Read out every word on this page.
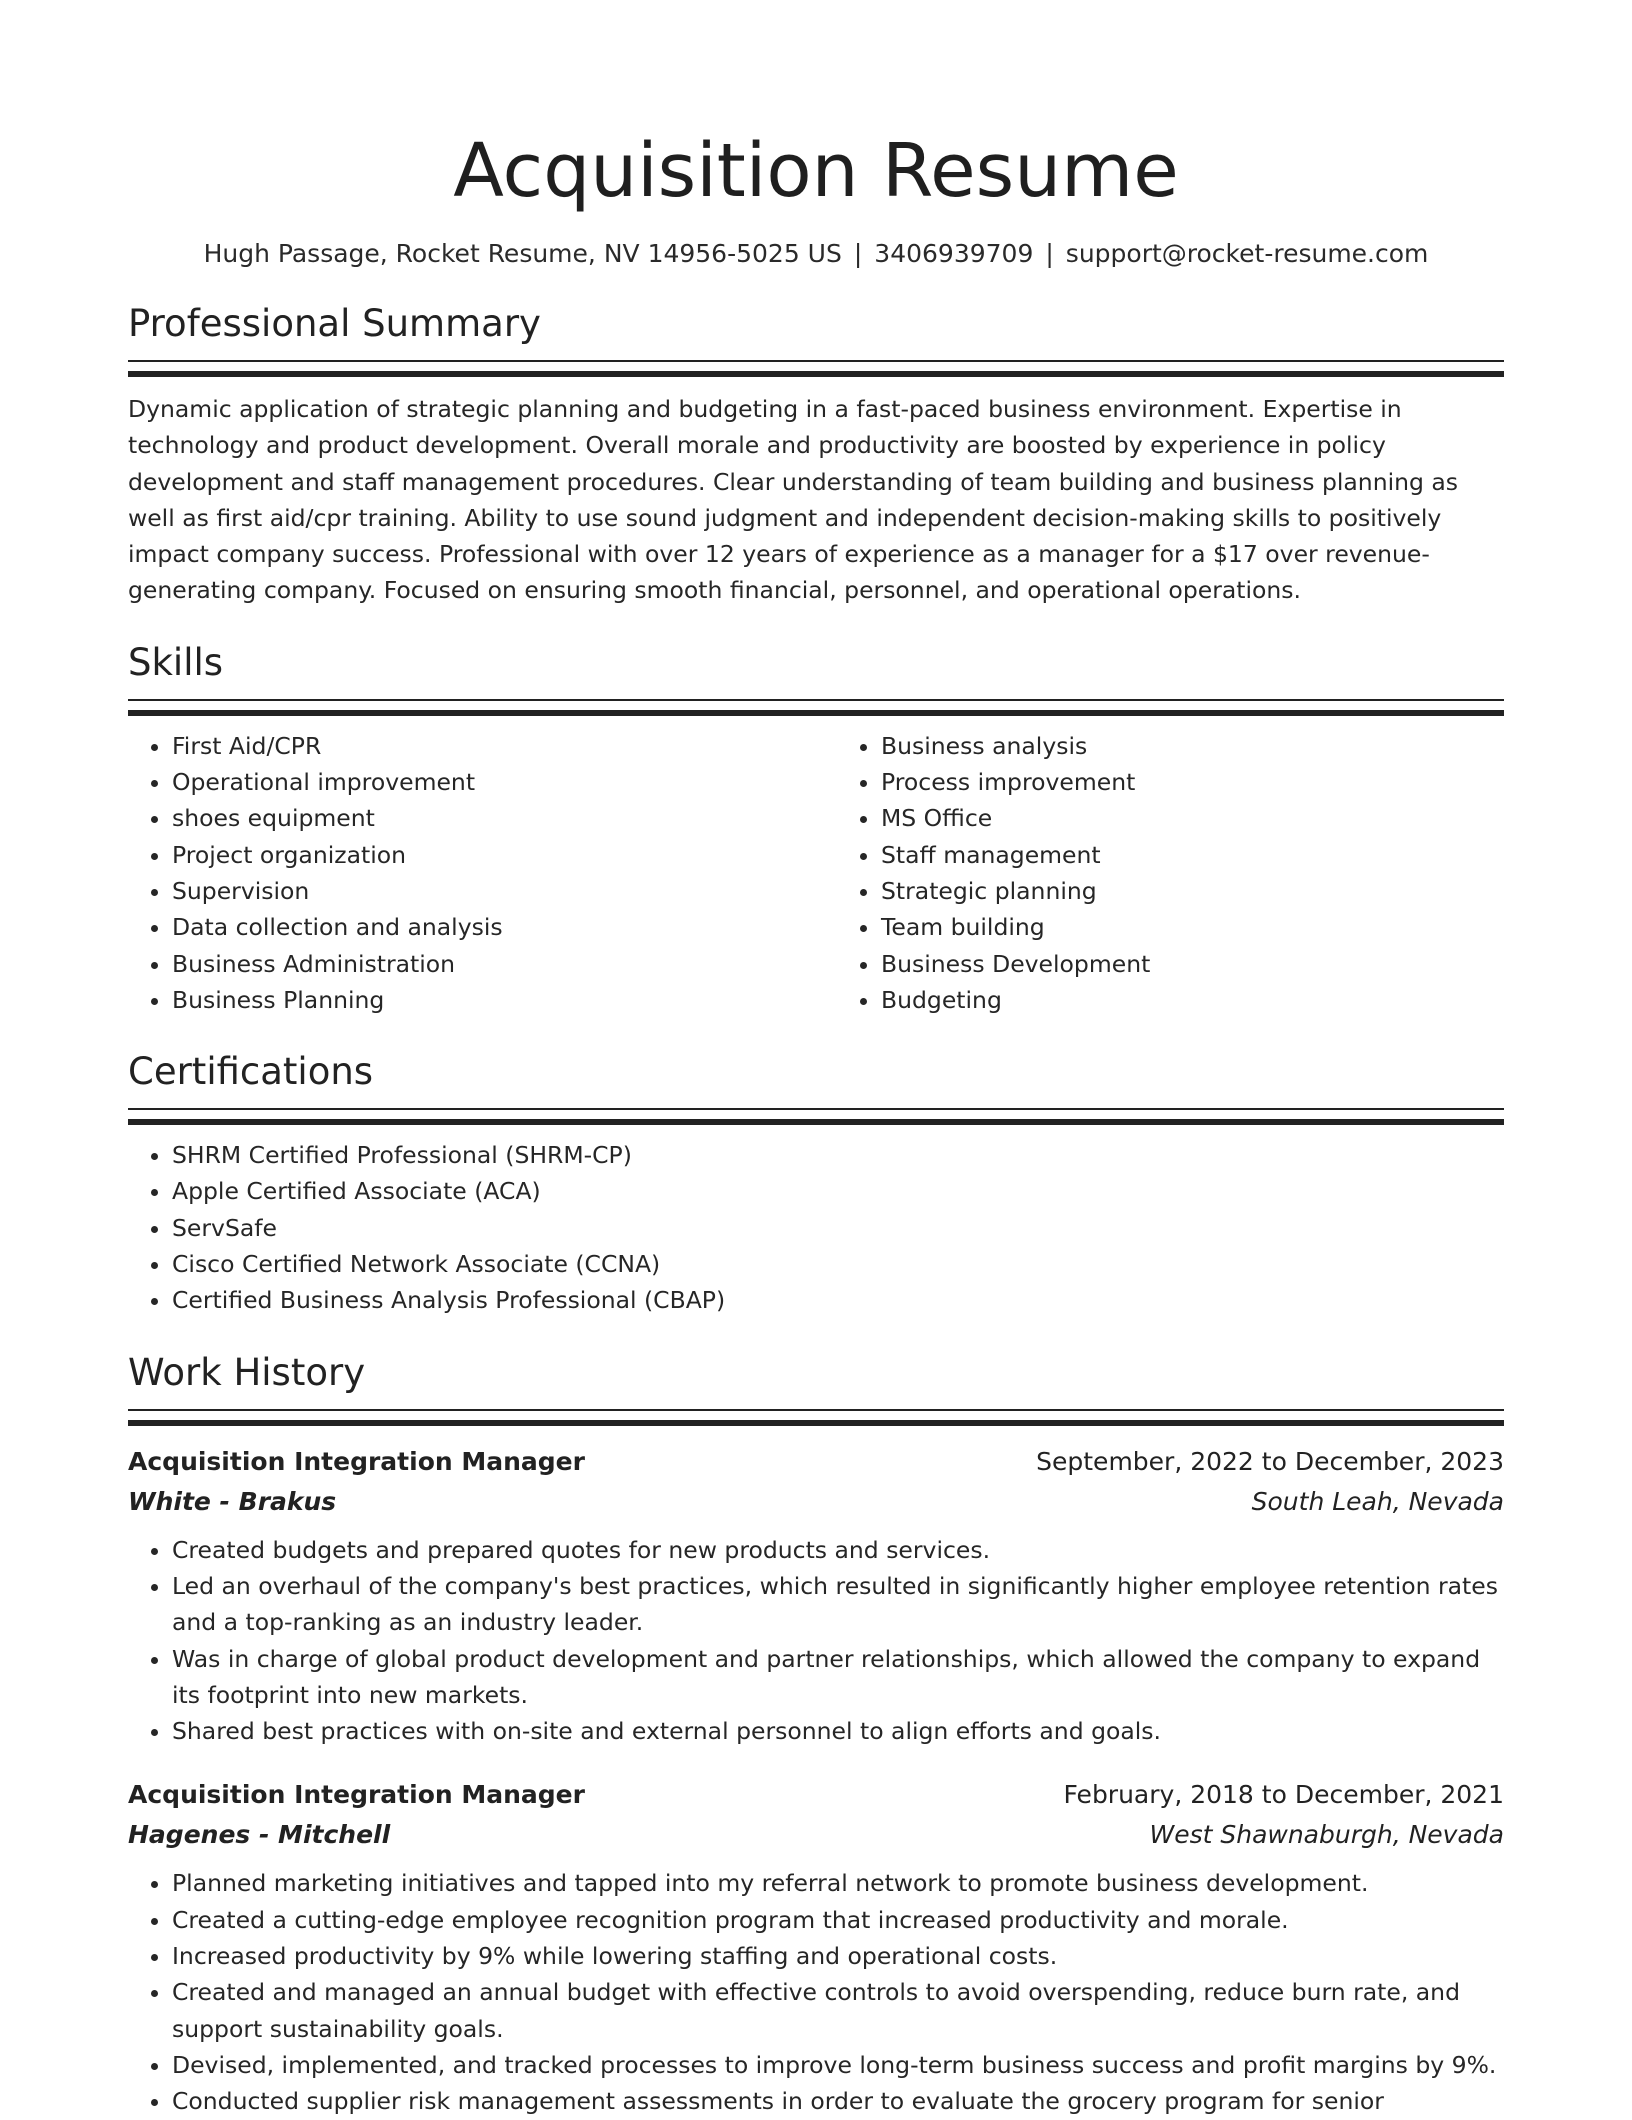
Acquisition Resume
Hugh Passage, Rocket Resume, NV 14956-5025 US | 3406939709 | support@rocket-resume.com
Professional Summary

Dynamic application of strategic planning and budgeting in a fast-paced business environment. Expertise in technology and product development. Overall morale and productivity are boosted by experience in policy development and staff management procedures. Clear understanding of team building and business planning as well as first aid/cpr training. Ability to use sound judgment and independent decision-making skills to positively impact company success. Professional with over 12 years of experience as a manager for a $17 over revenue-generating company. Focused on ensuring smooth financial, personnel, and operational operations.

Skills
• First Aid/CPR
• Operational improvement
• shoes equipment
• Project organization
• Supervision
• Data collection and analysis
• Business Administration
• Business Planning
• Business analysis
• Process improvement
• MS Office
• Staff management
• Strategic planning
• Team building
• Business Development
• Budgeting
Certifications
• SHRM Certified Professional (SHRM-CP)
• Apple Certified Associate (ACA)
• ServSafe
• Cisco Certified Network Associate (CCNA)
• Certified Business Analysis Professional (CBAP)
Work History
Acquisition Integration Manager	September, 2022 to December, 2023
White - Brakus	South Leah, Nevada
• Created budgets and prepared quotes for new products and services.
• Led an overhaul of the company's best practices, which resulted in significantly higher employee retention rates and a top-ranking as an industry leader.
• Was in charge of global product development and partner relationships, which allowed the company to expand its footprint into new markets.
• Shared best practices with on-site and external personnel to align efforts and goals.
Acquisition Integration Manager	February, 2018 to December, 2021
Hagenes - Mitchell	West Shawnaburgh, Nevada
• Planned marketing initiatives and tapped into my referral network to promote business development.
• Created a cutting-edge employee recognition program that increased productivity and morale.
• Increased productivity by 9% while lowering staffing and operational costs.
• Created and managed an annual budget with effective controls to avoid overspending, reduce burn rate, and support sustainability goals.
• Devised, implemented, and tracked processes to improve long-term business success and profit margins by 9%.
• Conducted supplier risk management assessments in order to evaluate the grocery program for senior
